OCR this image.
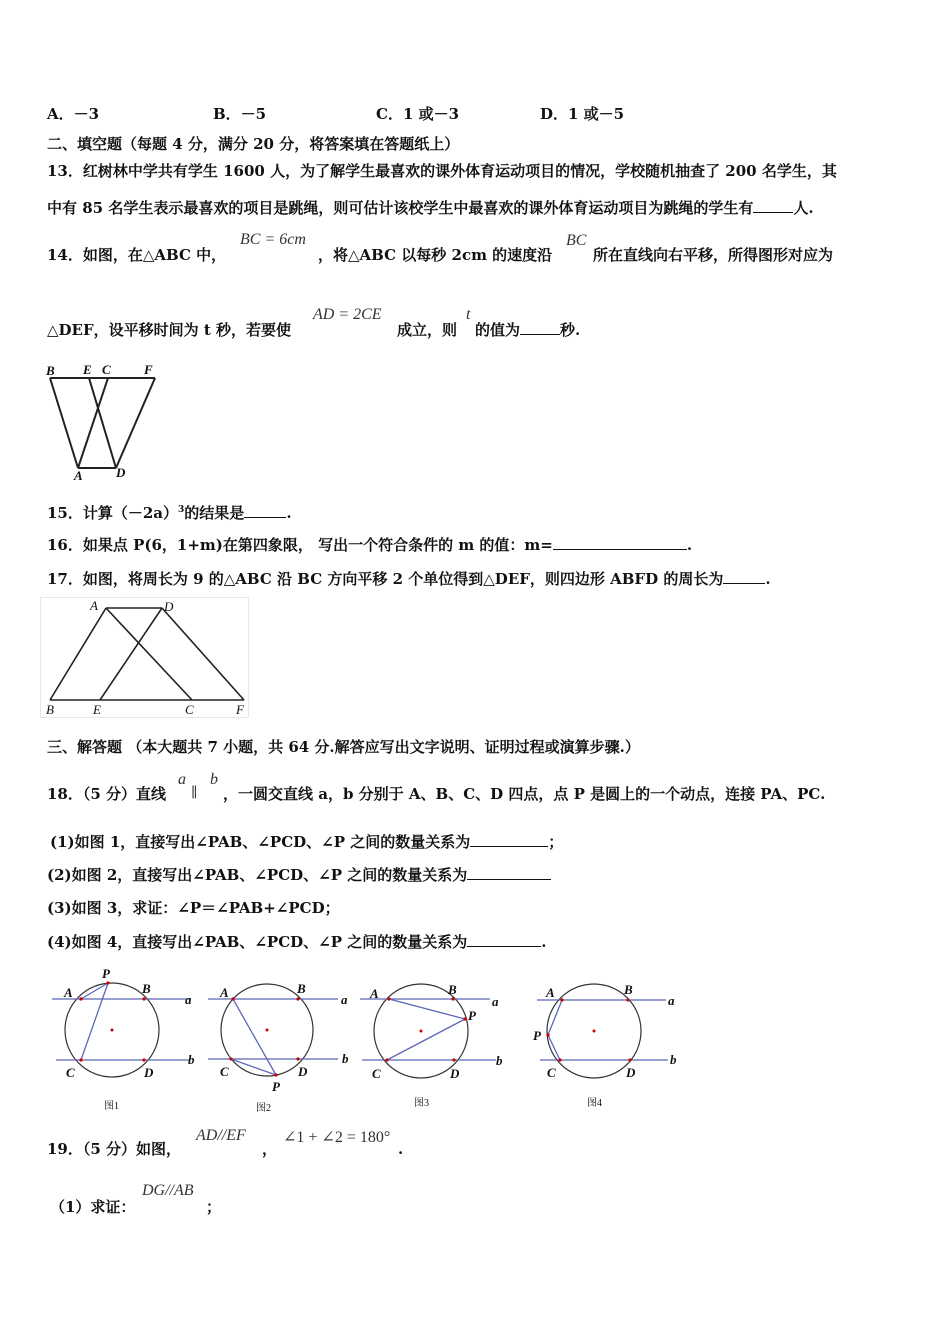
A．－3	B．－5	C．1 或－3	D．1 或－5
二、填空题（每题 4 分，满分 20 分，将答案填在答题纸上）
13．红树林中学共有学生 1600 人，为了解学生最喜欢的课外体育运动项目的情况，学校随机抽查了 200 名学生，其
中有 85 名学生表示最喜欢的项目是跳绳，则可估计该校学生中最喜欢的课外体育运动项目为跳绳的学生有	人.
14．如图，在△ABC 中，
BC = 6cm
，将△ABC 以每秒 2cm 的速度沿
BC
所在直线向右平移，所得图形对应为
△DEF，设平移时间为 t 秒，若要使
AD = 2CE
成立，则
t
的值为	秒.
B E C	F
A	D
15．计算$(-2a)^3$的结果是	.
16．如果点 P(6，1+m)在第四象限， 写出一个符合条件的 m 的值：m=	.
17．如图，将周长为 9 的△ABC 沿 BC 方向平移 2 个单位得到△DEF，则四边形 ABFD 的周长为	.
A	D
B	E	C	F
三、解答题 （本大题共 7 小题，共 64 分.解答应写出文字说明、证明过程或演算步骤.）
18．（5 分）直线
a
∥
b
，一圆交直线 a，b 分别于 A、B、C、D 四点，点 P 是圆上的一个动点，连接 PA、PC.
(1)如图 1，直接写出∠PAB、∠PCD、∠P 之间的数量关系为	；
(2)如图 2，直接写出∠PAB、∠PCD、∠P 之间的数量关系为
(3)如图 3，求证：∠P＝∠PAB+∠PCD；
(4)如图 4，直接写出∠PAB、∠PCD、∠P 之间的数量关系为	.
P
A	B
a
C	D
b
A	B
a
C	D
b
P
A	B
a
P
C	D
b
A	B
a
P
C	D
b
图1	图2	图3	图4
19．（5 分）如图，
AD//EF
，
∠1 + ∠2 = 180°
.
（1）求证：
DG//AB
；
